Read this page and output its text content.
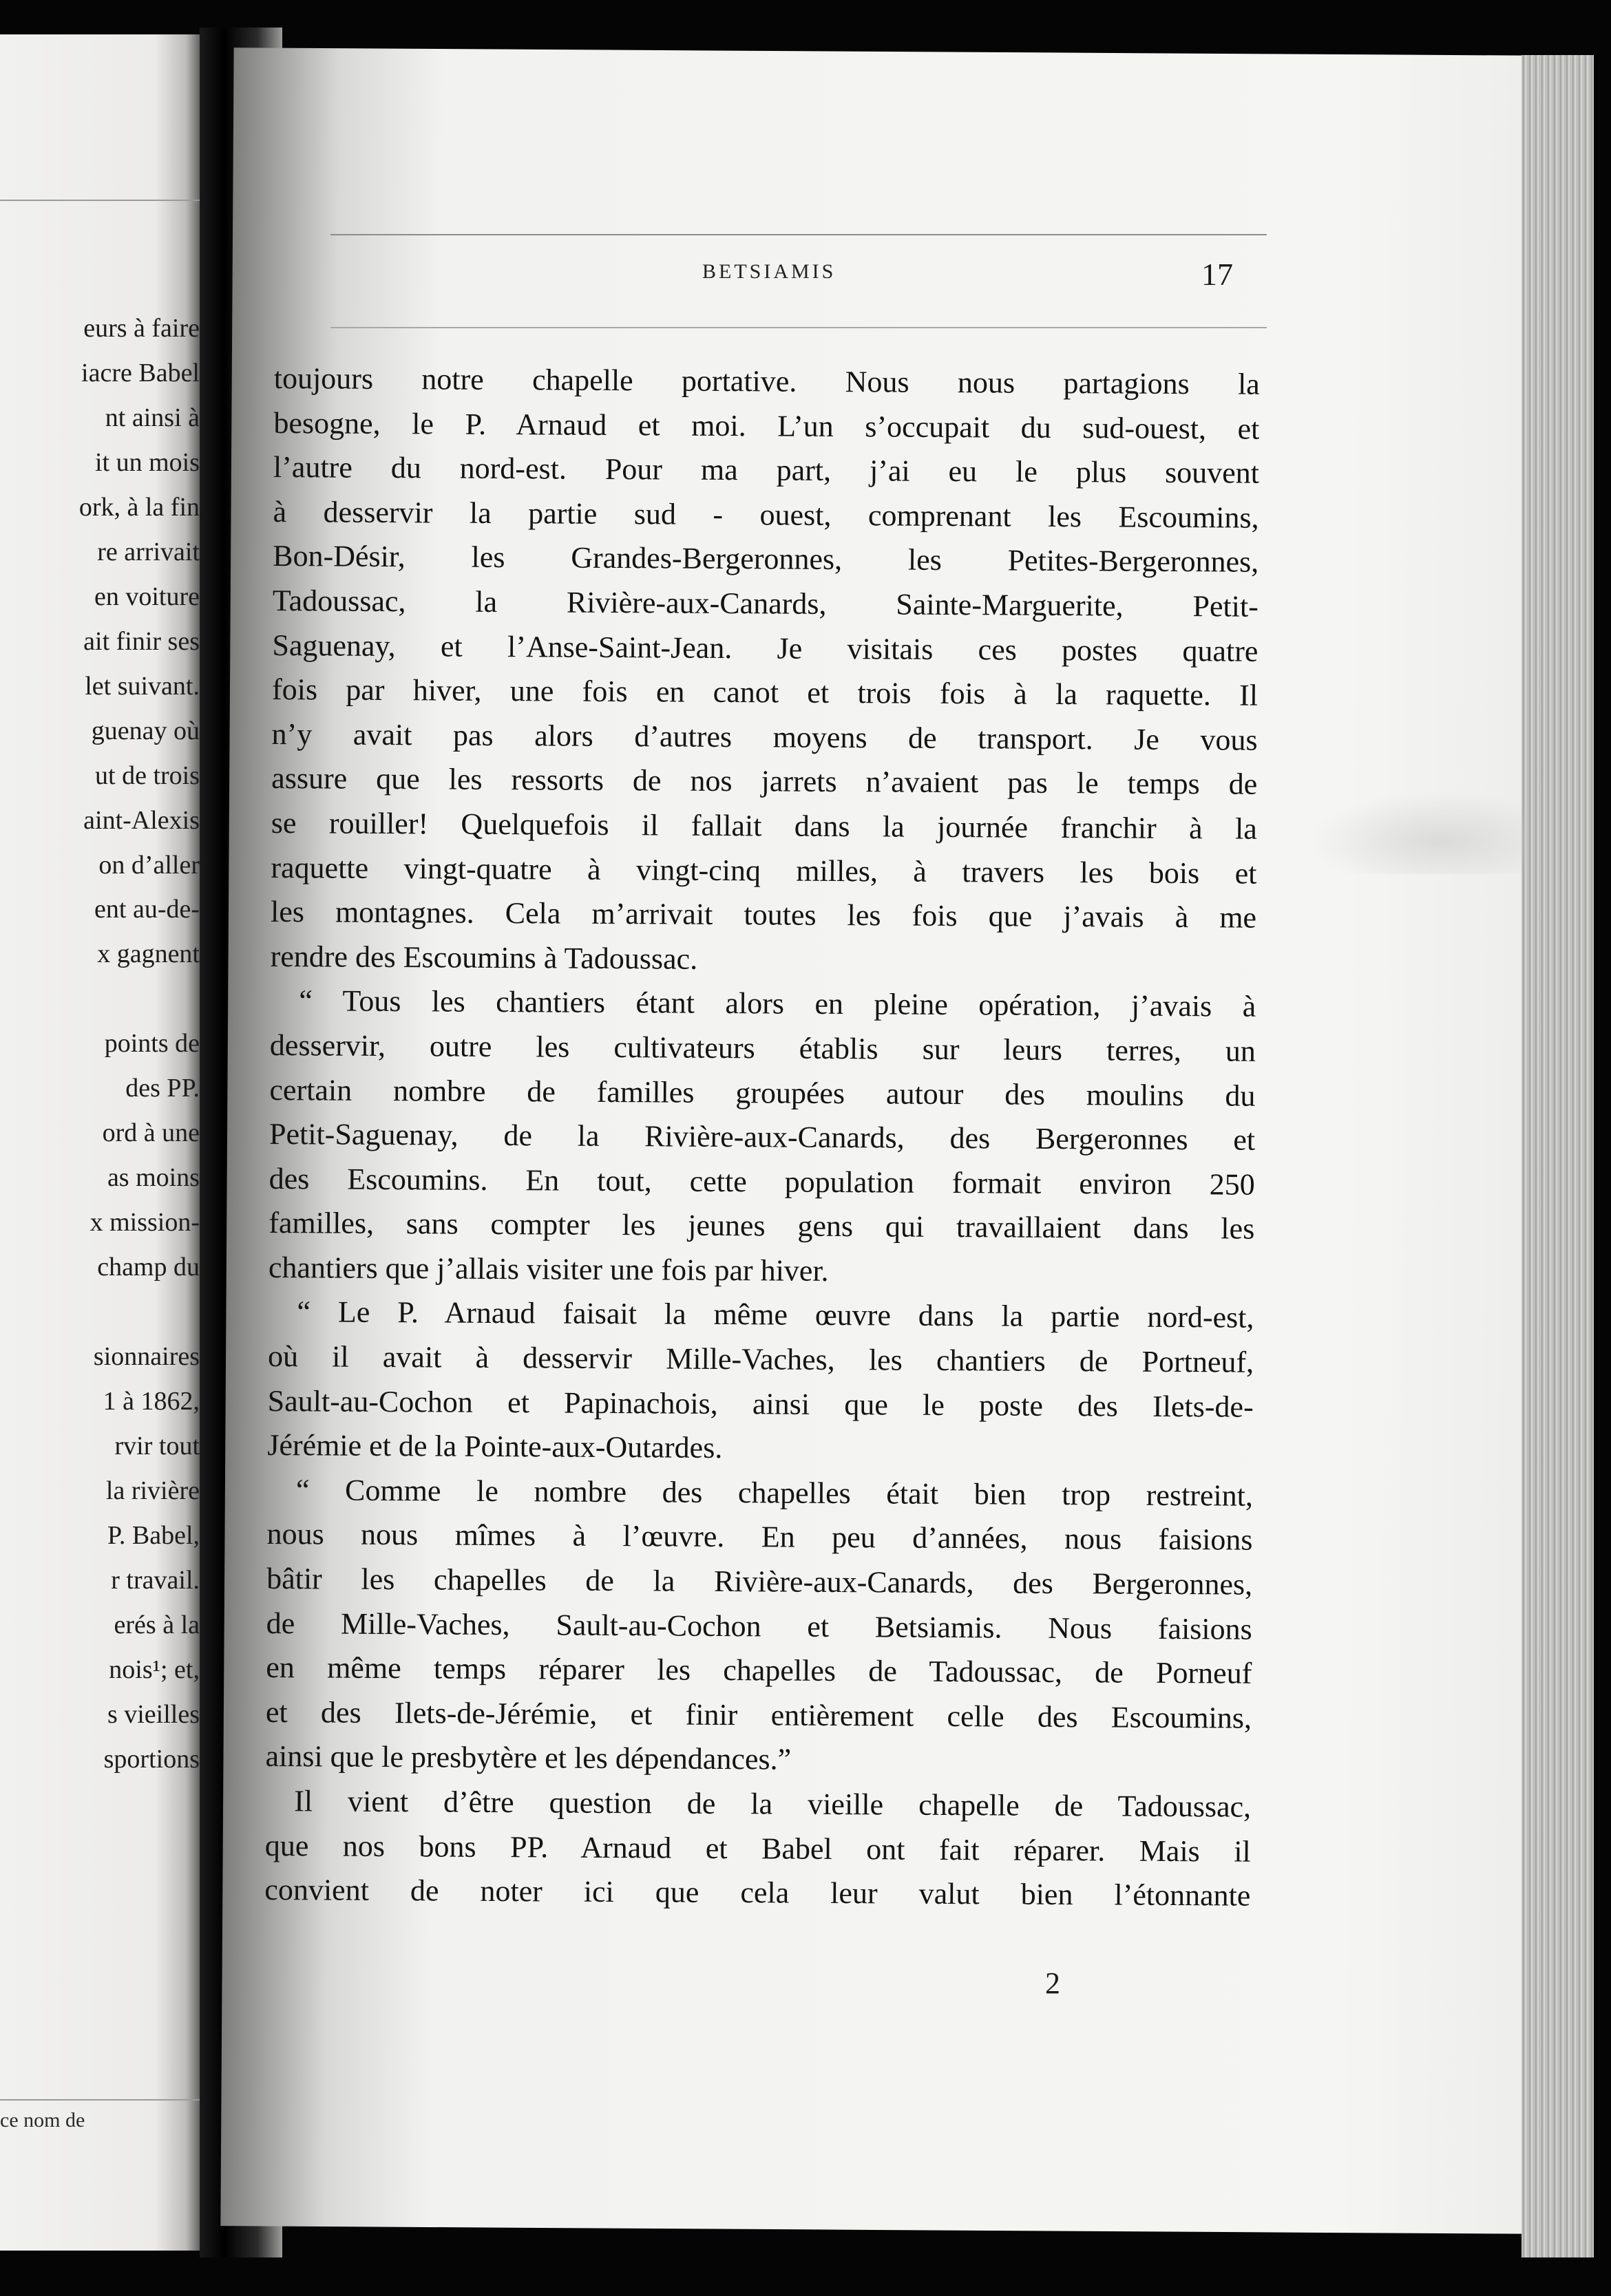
eurs à faire
iacre Babel
nt ainsi à
it un mois
ork, à la fin
re arrivait
en voiture
ait finir ses
let suivant.
guenay où
ut de trois
aint-Alexis
on d’aller
ent au-de-
x gagnent
points de
des PP.
ord à une
as moins
x mission-
champ du
sionnaires
1 à 1862,
rvir tout
la rivière
P. Babel,
r travail.
erés à la
nois¹; et,
s vieilles
sportions
ce nom de
BETSIAMIS	17
toujours notre chapelle portative. Nous nous partagions la
besogne, le P. Arnaud et moi. L’un s’occupait du sud-ouest, et
l’autre du nord-est. Pour ma part, j’ai eu le plus souvent
à desservir la partie sud - ouest, comprenant les Escoumins,
Bon-Désir, les Grandes-Bergeronnes, les Petites-Bergeronnes,
Tadoussac, la Rivière-aux-Canards, Sainte-Marguerite, Petit-
Saguenay, et l’Anse-Saint-Jean. Je visitais ces postes quatre
fois par hiver, une fois en canot et trois fois à la raquette. Il
n’y avait pas alors d’autres moyens de transport. Je vous
assure que les ressorts de nos jarrets n’avaient pas le temps de
se rouiller! Quelquefois il fallait dans la journée franchir à la
raquette vingt-quatre à vingt-cinq milles, à travers les bois et
les montagnes. Cela m’arrivait toutes les fois que j’avais à me
rendre des Escoumins à Tadoussac.
“ Tous les chantiers étant alors en pleine opération, j’avais à
desservir, outre les cultivateurs établis sur leurs terres, un
certain nombre de familles groupées autour des moulins du
Petit-Saguenay, de la Rivière-aux-Canards, des Bergeronnes et
des Escoumins. En tout, cette population formait environ 250
familles, sans compter les jeunes gens qui travaillaient dans les
chantiers que j’allais visiter une fois par hiver.
“ Le P. Arnaud faisait la même œuvre dans la partie nord-est,
où il avait à desservir Mille-Vaches, les chantiers de Portneuf,
Sault-au-Cochon et Papinachois, ainsi que le poste des Ilets-de-
Jérémie et de la Pointe-aux-Outardes.
“ Comme le nombre des chapelles était bien trop restreint,
nous nous mîmes à l’œuvre. En peu d’années, nous faisions
bâtir les chapelles de la Rivière-aux-Canards, des Bergeronnes,
de Mille-Vaches, Sault-au-Cochon et Betsiamis. Nous faisions
en même temps réparer les chapelles de Tadoussac, de Porneuf
et des Ilets-de-Jérémie, et finir entièrement celle des Escoumins,
ainsi que le presbytère et les dépendances.”
Il vient d’être question de la vieille chapelle de Tadoussac,
que nos bons PP. Arnaud et Babel ont fait réparer. Mais il
convient de noter ici que cela leur valut bien l’étonnante
2
